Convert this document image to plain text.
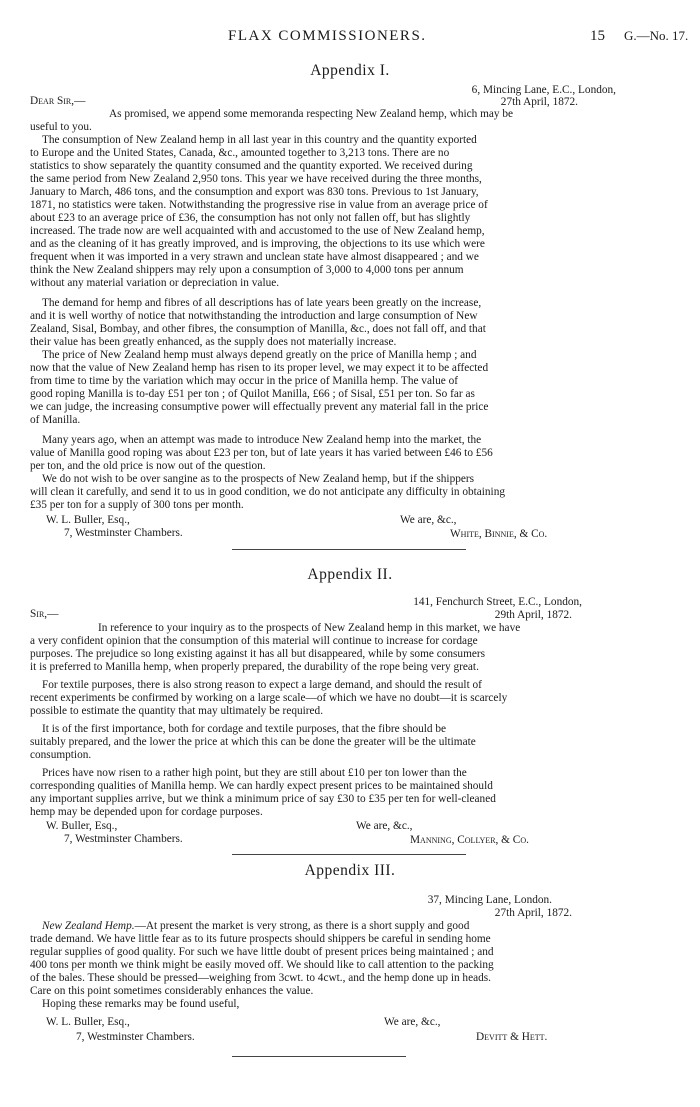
FLAX COMMISSIONERS.	15 G.—No. 17.
Appendix I.
6, Mincing Lane, E.C., London,
27th April, 1872.
Dear Sir,—
As promised, we append some memoranda respecting New Zealand hemp, which may be
useful to you.
The consumption of New Zealand hemp in all last year in this country and the quantity exported
to Europe and the United States, Canada, &c., amounted together to 3,213 tons. There are no
statistics to show separately the quantity consumed and the quantity exported. We received during
the same period from New Zealand 2,950 tons. This year we have received during the three months,
January to March, 486 tons, and the consumption and export was 830 tons. Previous to 1st January,
1871, no statistics were taken. Notwithstanding the progressive rise in value from an average price of
about £23 to an average price of £36, the consumption has not only not fallen off, but has slightly
increased. The trade now are well acquainted with and accustomed to the use of New Zealand hemp,
and as the cleaning of it has greatly improved, and is improving, the objections to its use which were
frequent when it was imported in a very strawn and unclean state have almost disappeared ; and we
think the New Zealand shippers may rely upon a consumption of 3,000 to 4,000 tons per annum
without any material variation or depreciation in value.
The demand for hemp and fibres of all descriptions has of late years been greatly on the increase,
and it is well worthy of notice that notwithstanding the introduction and large consumption of New
Zealand, Sisal, Bombay, and other fibres, the consumption of Manilla, &c., does not fall off, and that
their value has been greatly enhanced, as the supply does not materially increase.
The price of New Zealand hemp must always depend greatly on the price of Manilla hemp ; and
now that the value of New Zealand hemp has risen to its proper level, we may expect it to be affected
from time to time by the variation which may occur in the price of Manilla hemp. The value of
good roping Manilla is to-day £51 per ton ; of Quilot Manilla, £66 ; of Sisal, £51 per ton. So far as
we can judge, the increasing consumptive power will effectually prevent any material fall in the price
of Manilla.
Many years ago, when an attempt was made to introduce New Zealand hemp into the market, the
value of Manilla good roping was about £23 per ton, but of late years it has varied between £46 to £56
per ton, and the old price is now out of the question.
We do not wish to be over sangine as to the prospects of New Zealand hemp, but if the shippers
will clean it carefully, and send it to us in good condition, we do not anticipate any difficulty in obtaining
£35 per ton for a supply of 300 tons per month.
W. L. Buller, Esq.,
7, Westminster Chambers.
We are, &c.,
White, Binnie, & Co.
Appendix II.
141, Fenchurch Street, E.C., London,
29th April, 1872.
Sir,—
In reference to your inquiry as to the prospects of New Zealand hemp in this market, we have
a very confident opinion that the consumption of this material will continue to increase for cordage
purposes. The prejudice so long existing against it has all but disappeared, while by some consumers
it is preferred to Manilla hemp, when properly prepared, the durability of the rope being very great.
For textile purposes, there is also strong reason to expect a large demand, and should the result of
recent experiments be confirmed by working on a large scale—of which we have no doubt—it is scarcely
possible to estimate the quantity that may ultimately be required.
It is of the first importance, both for cordage and textile purposes, that the fibre should be
suitably prepared, and the lower the price at which this can be done the greater will be the ultimate
consumption.
Prices have now risen to a rather high point, but they are still about £10 per ton lower than the
corresponding qualities of Manilla hemp. We can hardly expect present prices to be maintained should
any important supplies arrive, but we think a minimum price of say £30 to £35 per ten for well-cleaned
hemp may be depended upon for cordage purposes.
W. Buller, Esq.,
7, Westminster Chambers.
We are, &c.,
Manning, Collyer, & Co.
Appendix III.
37, Mincing Lane, London.
27th April, 1872.
New Zealand Hemp.—At present the market is very strong, as there is a short supply and good
trade demand. We have little fear as to its future prospects should shippers be careful in sending home
regular supplies of good quality. For such we have little doubt of present prices being maintained ; and
400 tons per month we think might be easily moved off. We should like to call attention to the packing
of the bales. These should be pressed—weighing from 3cwt. to 4cwt., and the hemp done up in heads.
Care on this point sometimes considerably enhances the value.
Hoping these remarks may be found useful,
W. L. Buller, Esq.,
7, Westminster Chambers.
We are, &c.,
Devitt & Hett.
